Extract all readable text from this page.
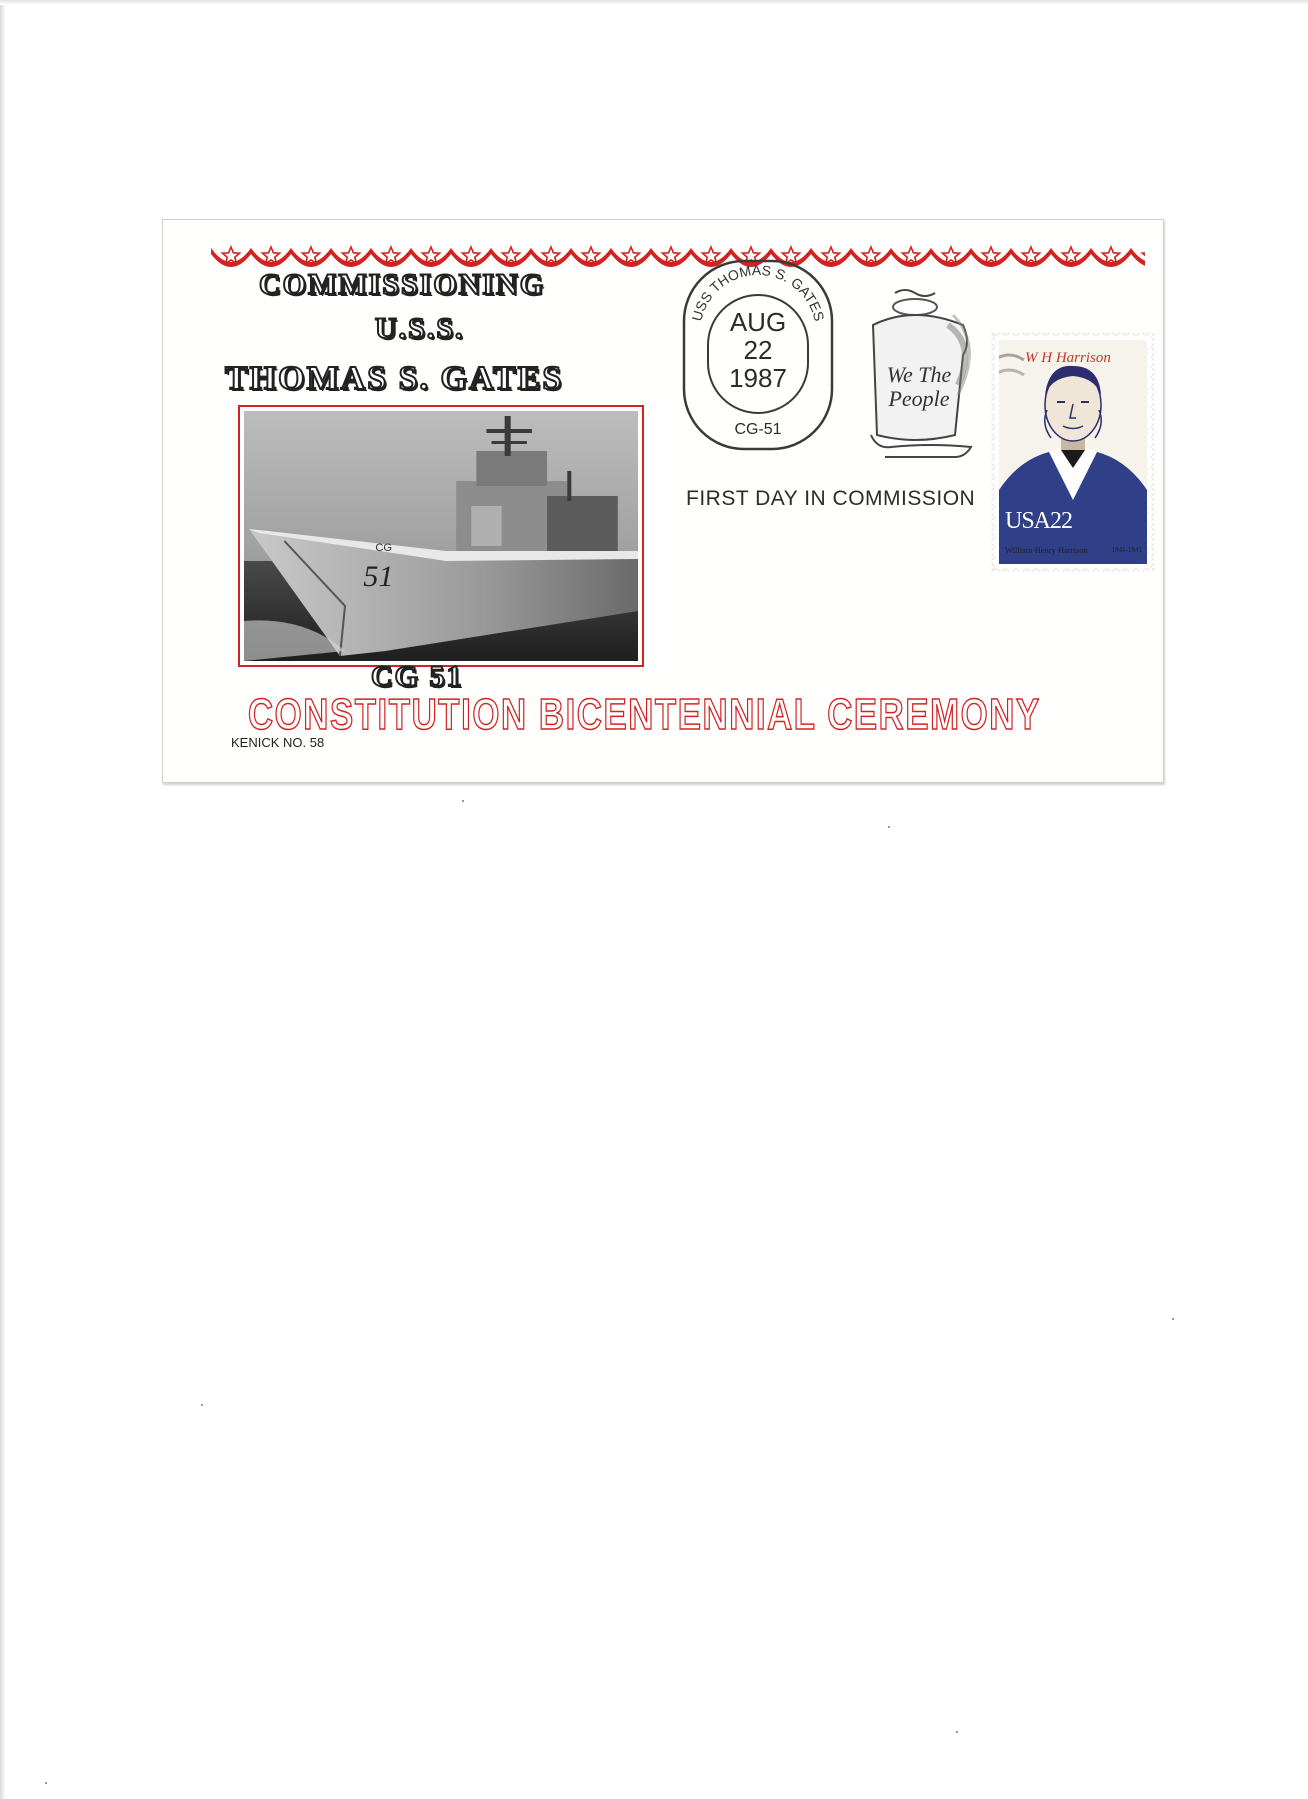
COMMISSIONING
U.S.S.
THOMAS S. GATES
51
CG
CG 51
CONSTITUTION BICENTENNIAL CEREMONY
KENICK NO. 58
USS THOMAS S. GATES
AUG
22
1987
CG-51
FIRST DAY IN COMMISSION
We The
People
W H Harrison
USA22
William Henry Harrison	1841-1841
